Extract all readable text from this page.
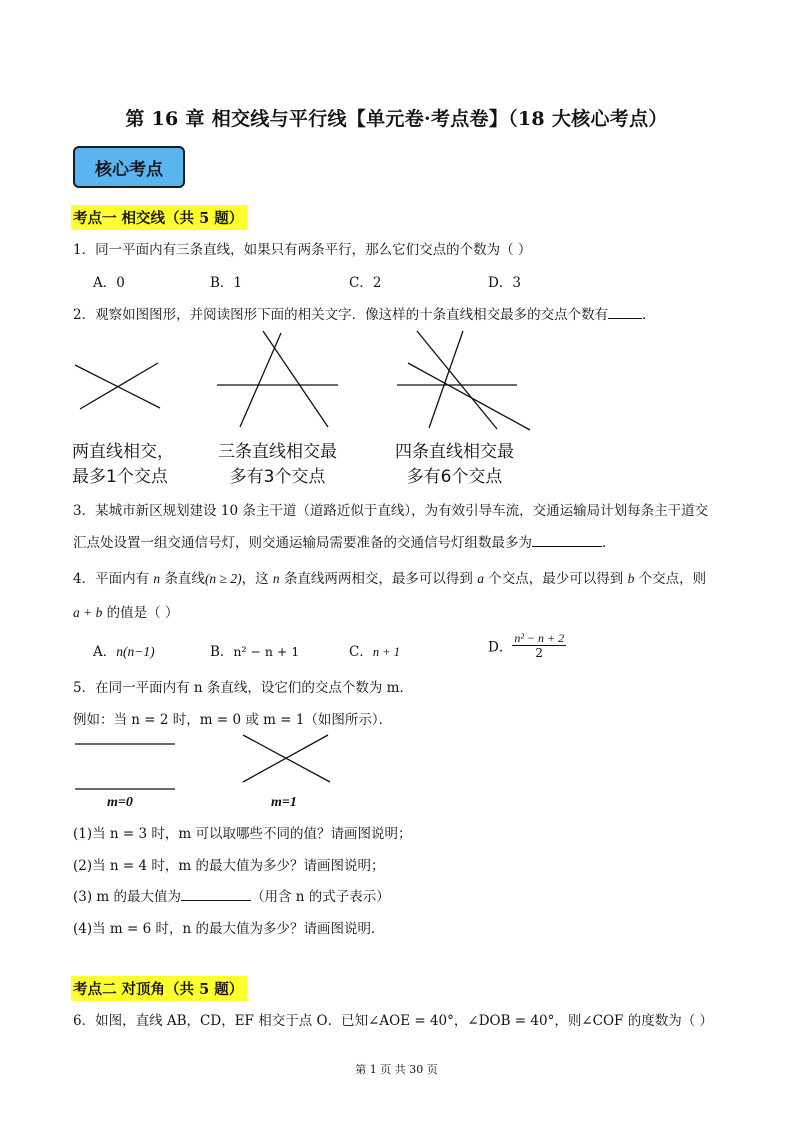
第 16 章 相交线与平行线【单元卷·考点卷】（18 大核心考点）
核心考点
考点一 相交线（共 5 题）
1．同一平面内有三条直线，如果只有两条平行，那么它们交点的个数为（ ）
A．0	B．1	C．2	D．3
2．观察如图图形，并阅读图形下面的相关文字．像这样的十条直线相交最多的交点个数有	．
两直线相交，
最多1个交点
三条直线相交最
多有3个交点
四条直线相交最
多有6个交点
3．某城市新区规划建设 10 条主干道（道路近似于直线），为有效引导车流，交通运输局计划每条主干道交
汇点处设置一组交通信号灯，则交通运输局需要准备的交通信号灯组数最多为	．
4．平面内有 n 条直线(n ≥ 2)，这 n 条直线两两相交，最多可以得到 a 个交点，最少可以得到 b 个交点，则
a + b 的值是（ ）
A．n(n−1)	B．n² − n + 1	C．n + 1	D． $\frac{\text{n² − n + 2}}{2}$
5．在同一平面内有 n 条直线，设它们的交点个数为 m．
例如：当 n = 2 时，m = 0 或 m = 1（如图所示）．
m=0	m=1
(1)当 n = 3 时，m 可以取哪些不同的值？请画图说明；
(2)当 n = 4 时，m 的最大值为多少？请画图说明；
(3) m 的最大值为	（用含 n 的式子表示）
(4)当 m = 6 时，n 的最大值为多少？请画图说明．
考点二 对顶角（共 5 题）
6．如图，直线 AB，CD，EF 相交于点 O．已知∠AOE = 40°，∠DOB = 40°，则∠COF 的度数为（ ）
第 1 页 共 30 页
